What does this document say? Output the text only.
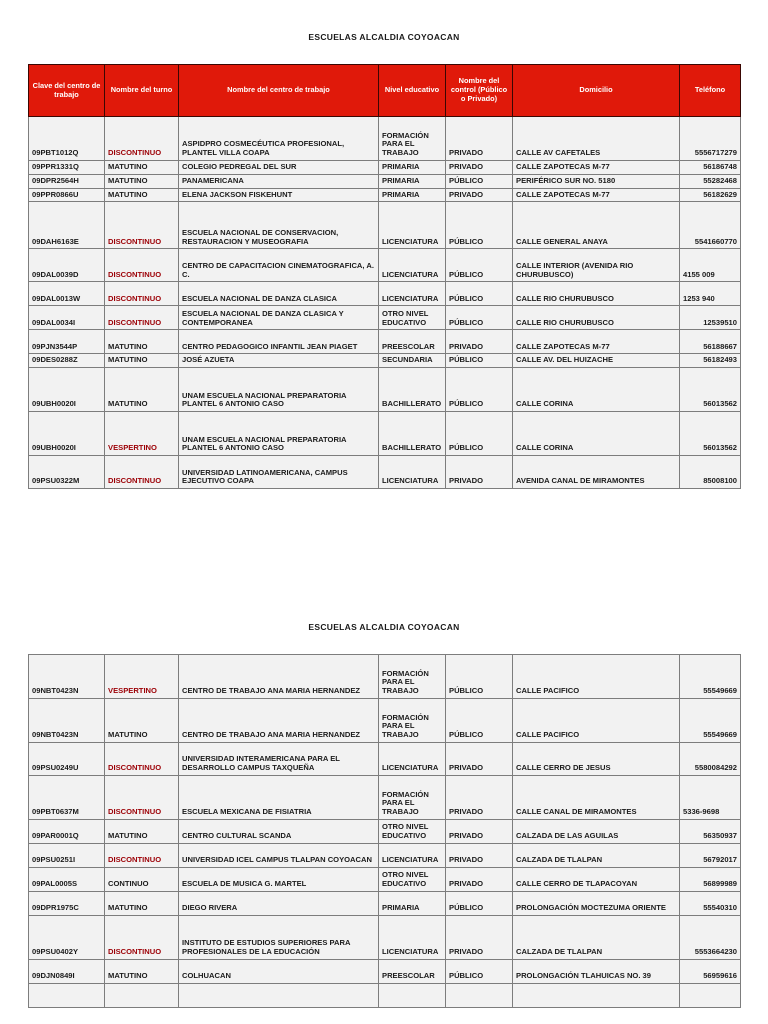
ESCUELAS ALCALDIA COYOACAN
Clave del centro de trabajo	Nombre del turno	Nombre del centro de trabajo	Nivel educativo	Nombre del control (Público o Privado)	Domicilio	Teléfono
09PBT1012Q	DISCONTINUO	ASPIDPRO COSMECÉUTICA PROFESIONAL, PLANTEL VILLA COAPA	FORMACIÓN PARA EL TRABAJO	PRIVADO	CALLE AV CAFETALES	5556717279
09PPR1331Q	MATUTINO	COLEGIO PEDREGAL DEL SUR	PRIMARIA	PRIVADO	CALLE ZAPOTECAS M-77	56186748
09DPR2564H	MATUTINO	PANAMERICANA	PRIMARIA	PÚBLICO	PERIFÉRICO SUR NO. 5180	55282468
09PPR0866U	MATUTINO	ELENA JACKSON FISKEHUNT	PRIMARIA	PRIVADO	CALLE ZAPOTECAS M-77	56182629
09DAH6163E	DISCONTINUO	ESCUELA NACIONAL DE CONSERVACION, RESTAURACION Y MUSEOGRAFIA	LICENCIATURA	PÚBLICO	CALLE GENERAL ANAYA	5541660770
09DAL0039D	DISCONTINUO	CENTRO DE CAPACITACION CINEMATOGRAFICA, A. C.	LICENCIATURA	PÚBLICO	CALLE INTERIOR (AVENIDA RIO CHURUBUSCO)	4155 009
09DAL0013W	DISCONTINUO	ESCUELA NACIONAL DE DANZA CLASICA	LICENCIATURA	PÚBLICO	CALLE RIO CHURUBUSCO	1253 940
09DAL0034I	DISCONTINUO	ESCUELA NACIONAL DE DANZA CLASICA Y CONTEMPORANEA	OTRO NIVEL EDUCATIVO	PÚBLICO	CALLE RIO CHURUBUSCO	12539510
09PJN3544P	MATUTINO	CENTRO PEDAGOGICO INFANTIL JEAN PIAGET	PREESCOLAR	PRIVADO	CALLE ZAPOTECAS M-77	56188667
09DES0288Z	MATUTINO	JOSÉ AZUETA	SECUNDARIA	PÚBLICO	CALLE AV. DEL HUIZACHE	56182493
09UBH0020I	MATUTINO	UNAM ESCUELA NACIONAL PREPARATORIA PLANTEL 6 ANTONIO CASO	BACHILLERATO	PÚBLICO	CALLE CORINA	56013562
09UBH0020I	VESPERTINO	UNAM ESCUELA NACIONAL PREPARATORIA PLANTEL 6 ANTONIO CASO	BACHILLERATO	PÚBLICO	CALLE CORINA	56013562
09PSU0322M	DISCONTINUO	UNIVERSIDAD LATINOAMERICANA, CAMPUS EJECUTIVO COAPA	LICENCIATURA	PRIVADO	AVENIDA CANAL DE MIRAMONTES	85008100
ESCUELAS ALCALDIA COYOACAN
09NBT0423N	VESPERTINO	CENTRO DE TRABAJO ANA MARIA HERNANDEZ	FORMACIÓN PARA EL TRABAJO	PÚBLICO	CALLE PACIFICO	55549669
09NBT0423N	MATUTINO	CENTRO DE TRABAJO ANA MARIA HERNANDEZ	FORMACIÓN PARA EL TRABAJO	PÚBLICO	CALLE PACIFICO	55549669
09PSU0249U	DISCONTINUO	UNIVERSIDAD INTERAMERICANA PARA EL DESARROLLO CAMPUS TAXQUEÑA	LICENCIATURA	PRIVADO	CALLE CERRO DE JESUS	5580084292
09PBT0637M	DISCONTINUO	ESCUELA MEXICANA DE FISIATRIA	FORMACIÓN PARA EL TRABAJO	PRIVADO	CALLE CANAL DE MIRAMONTES	5336-9698
09PAR0001Q	MATUTINO	CENTRO CULTURAL SCANDA	OTRO NIVEL EDUCATIVO	PRIVADO	CALZADA DE LAS AGUILAS	56350937
09PSU0251I	DISCONTINUO	UNIVERSIDAD ICEL CAMPUS TLALPAN COYOACAN	LICENCIATURA	PRIVADO	CALZADA DE TLALPAN	56792017
09PAL0005S	CONTINUO	ESCUELA DE MUSICA G. MARTEL	OTRO NIVEL EDUCATIVO	PRIVADO	CALLE CERRO DE TLAPACOYAN	56899989
09DPR1975C	MATUTINO	DIEGO RIVERA	PRIMARIA	PÚBLICO	PROLONGACIÓN MOCTEZUMA ORIENTE	55540310
09PSU0402Y	DISCONTINUO	INSTITUTO DE ESTUDIOS SUPERIORES PARA PROFESIONALES DE LA EDUCACIÓN	LICENCIATURA	PRIVADO	CALZADA DE TLALPAN	5553664230
09DJN0849I	MATUTINO	COLHUACAN	PREESCOLAR	PÚBLICO	PROLONGACIÓN TLAHUICAS NO. 39	56959616
